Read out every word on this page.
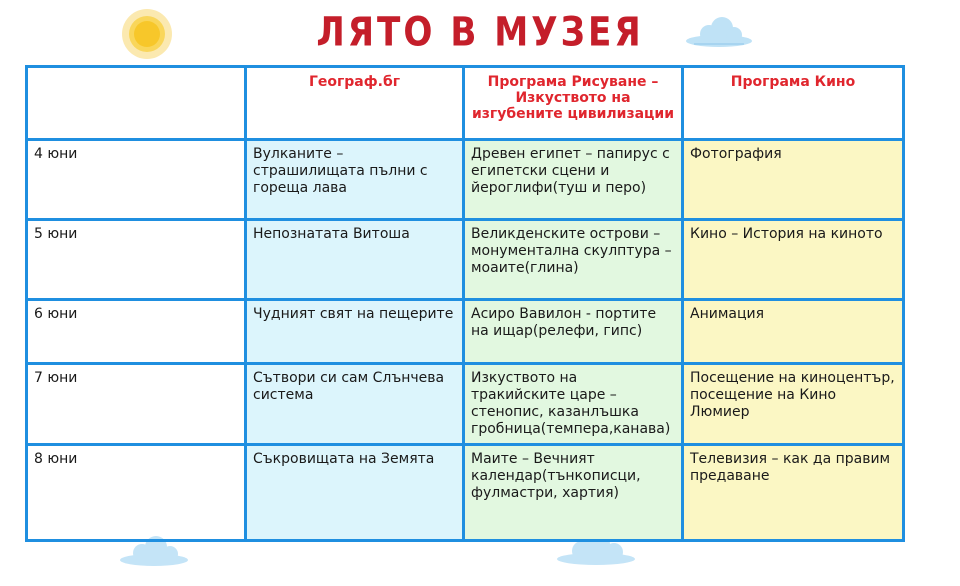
ЛЯТО В МУЗЕЯ
	Географ.бг	Програма Рисуване – Изкуството на изгубените цивилизации	Програма Кино
4 юни	Вулканите – страшилищата пълни с гореща лава	Древен египет – папирус с египетски сцени и йероглифи(туш и перо)	Фотография
5 юни	Непознатата Витоша	Великденските острови – монументална скулптура – моаите(глина)	Кино – История на киното
6 юни	Чудният свят на пещерите	Асиро Вавилон - портите на ищар(релефи, гипс)	Анимация
7 юни	Сътвори си сам Слънчева система	Изкуството на тракийските царе – стенопис, казанлъшка гробница(темпера,канава)	Посещение на киноцентър, посещение на Кино Люмиер
8 юни	Съкровищата на Земята	Маите – Вечният календар(тънкописци, фулмастри, хартия)	Телевизия – как да правим предаване
